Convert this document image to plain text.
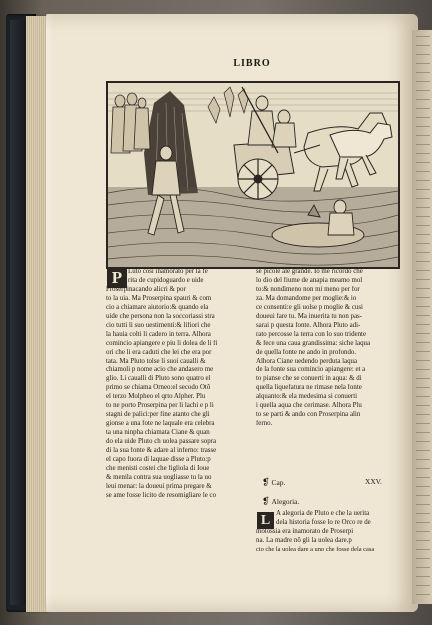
LIBRO
P Luto cosi inamorato per la fe
rita de cupidoguardo e uide
Proserpinacando alicri & por
to la uia. Ma Proserpina spauri & com
cio a chiamare aiutorio:& quando ela
uide che persona non la soccoriassi stra
cio tutti li suo uestimenti:& lifiori che
la hauia colti li cadero in terra. Alhora
comincio apiangere e piu li dolea de li fi
ori che li era caduti che lei che era por
tata. Ma Pluto tolse li suoi caualli &
chiamoli p nome acio che andasero me
glio. Li caualli di Pluto sono quatro el
primo se chiama Orneo:el secodo Otõ
el terzo Molpheo el qrto Alpher. Plu
to ne porto Proserpina per li lachi e p li
stagni de palici:per fine atanto che gli
gionse a una fote ne laquale era celebra
ta una ninpha chiamata Ciane & quan
do ela uide Pluto ch uolea passare sopra
di la sua fonte & adare al inferno: trasse
el capo fuora di laquae disse a Pluto:p
che menisti costei che figliola di Ioue
& menila contra sua uogliasse tu la uo
leui menar: la doueui prima pregare &
se ame fosse licito de resomigliare le co
se picole ale grande. Io me ricordo che
lo dio del fiume de anapia meamo mol
to:& nondimeno non mi meno per for
za. Ma domandome per moglie:& io
ce consenti:e gli uolse p moglie & cusi
doueui fare tu. Ma inuerita tu non pas-
sarai p questa fonte. Alhora Pluto adi-
rato percosse la terra con lo suo tridente
& fece una caua grandissima: siche laqua
de quella fonte ne ando in profondo.
Alhora Ciane uedendo perduta laqua
de la fonte sua comincio apiangere: et a
to pianse che se conuerti in aqua: & di
quella liquefatura ne rimase nela fonte
alquanto:& ela medesima si conuerti
i quella aqua che cerimase. Alhora Plu
to se parti & ando con Proserpina alin
ferno.
❡ Cap.	XXV.
❡ Alegoria.
L A alegoria de Pluto e che la uerita
dela historia fosse lo re Orco re de
molossia era inamorato de Proserpi
na. La madre nõ gli la uolea dare.p
cio che la uolea dare a uno che fosse dela casa
